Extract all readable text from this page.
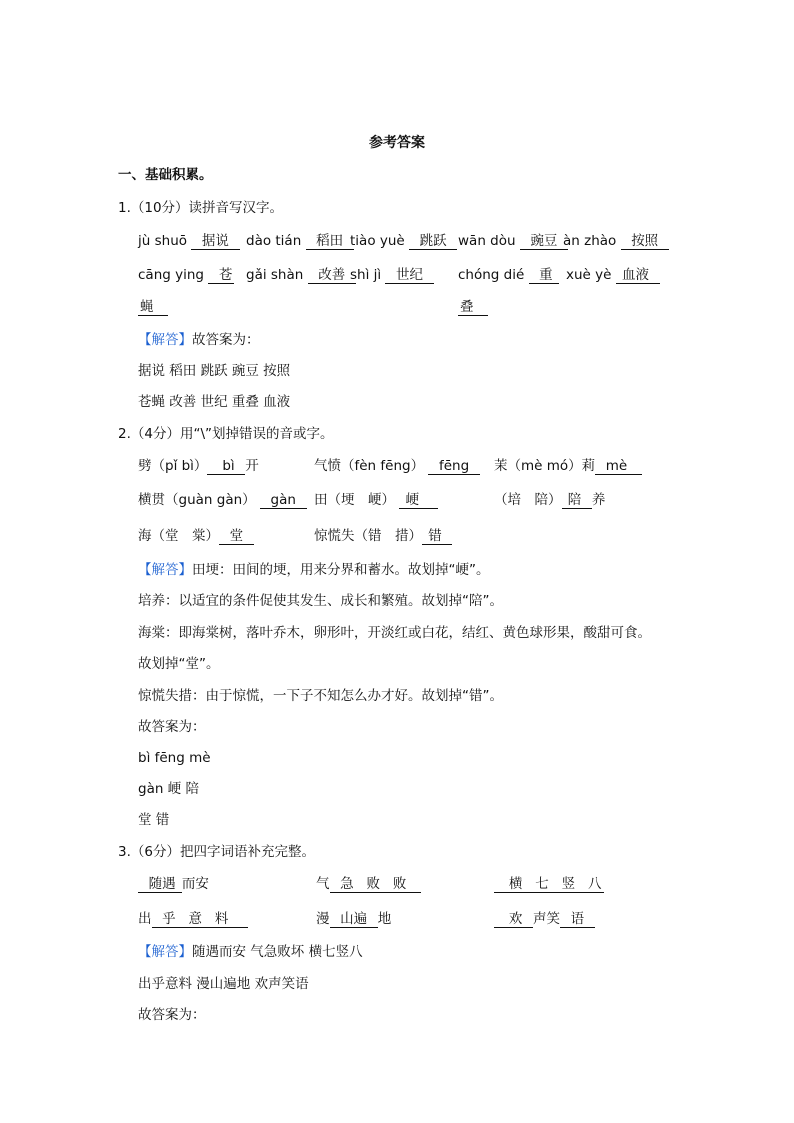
参考答案
一、基础积累。
1.（10分）读拼音写汉字。
jù shuō 据说	dào tián 稻田 tiào yuè 跳跃 wān dòu 豌豆 àn zhào 按照
cāng ying 苍 gǎi shàn 改善 shì jì 世纪	chóng dié 重 xuè yè 血液
蝇	叠
【解答】故答案为：
据说 稻田 跳跃 豌豆 按照
苍蝇 改善 世纪 重叠 血液
2.（4分）用“\”划掉错误的音或字。
劈（pǐ bì） bì 开	气愤（fèn fēng） fēng	茉（mè mó）莉 mè
横贯（guàn gàn） gàn	田（埂　峺） 峺	（培　陪） 陪 养
海（堂　棠） 堂	惊慌失（错　措） 错
【解答】田埂：田间的埂，用来分界和蓄水。故划掉“峺”。
培养：以适宜的条件促使其发生、成长和繁殖。故划掉“陪”。
海棠：即海棠树，落叶乔木，卵形叶，开淡红或白花，结红、黄色球形果，酸甜可食。
故划掉“堂”。
惊慌失措：由于惊慌，一下子不知怎么办才好。故划掉“错”。
故答案为：
bì fēng mè
gàn 峺 陪
堂 错
3.（6分）把四字词语补充完整。
随遇 而安	气 急 败 败	横 七 竖 八
出 乎 意 料	漫 山遍 地	欢 声笑 语
【解答】随遇而安 气急败坏 横七竖八
出乎意料 漫山遍地 欢声笑语
故答案为：
